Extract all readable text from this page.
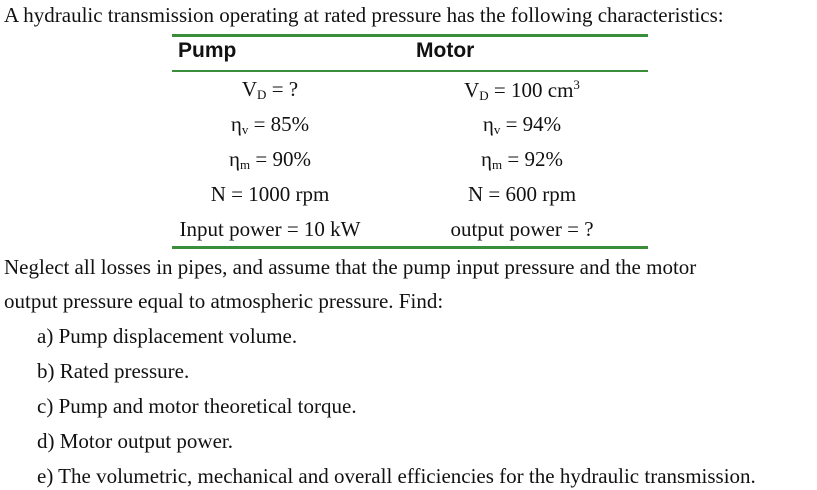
A hydraulic transmission operating at rated pressure has the following characteristics:
Pump	Motor
$V_D$ = ?	$V_D = 100$ $cm^3$
$\eta_v = 85\%$	$\eta_v = 94\%$
$\eta_m = 90\%$	$\eta_m = 92\%$
N = 1000 rpm	N = 600 rpm
Input power = 10 kW	output power = ?
Neglect all losses in pipes, and assume that the pump input pressure and the motor
output pressure equal to atmospheric pressure. Find:
a) Pump displacement volume.
b) Rated pressure.
c) Pump and motor theoretical torque.
d) Motor output power.
e) The volumetric, mechanical and overall efficiencies for the hydraulic transmission.
